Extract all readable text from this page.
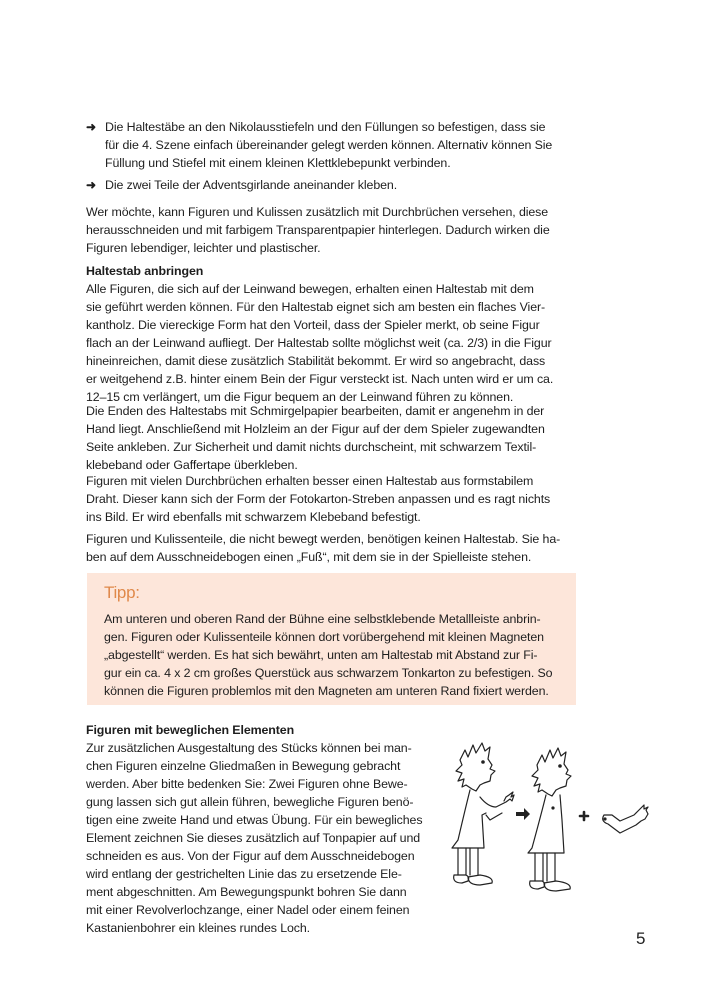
➜ Die Haltestäbe an den Nikolausstiefeln und den Füllungen so befestigen, dass sie
für die 4. Szene einfach übereinander gelegt werden können. Alternativ können Sie
Füllung und Stiefel mit einem kleinen Klettklebepunkt verbinden.
➜ Die zwei Teile der Adventsgirlande aneinander kleben.
Wer möchte, kann Figuren und Kulissen zusätzlich mit Durchbrüchen versehen, diese
herausschneiden und mit farbigem Transparentpapier hinterlegen. Dadurch wirken die
Figuren lebendiger, leichter und plastischer.
Haltestab anbringen
Alle Figuren, die sich auf der Leinwand bewegen, erhalten einen Haltestab mit dem
sie geführt werden können. Für den Haltestab eignet sich am besten ein flaches Vier-
kantholz. Die viereckige Form hat den Vorteil, dass der Spieler merkt, ob seine Figur
flach an der Leinwand aufliegt. Der Haltestab sollte möglichst weit (ca. 2/3) in die Figur
hineinreichen, damit diese zusätzlich Stabilität bekommt. Er wird so angebracht, dass
er weitgehend z.B. hinter einem Bein der Figur versteckt ist. Nach unten wird er um ca.
12–15 cm verlängert, um die Figur bequem an der Leinwand führen zu können.
Die Enden des Haltestabs mit Schmirgelpapier bearbeiten, damit er angenehm in der
Hand liegt. Anschließend mit Holzleim an der Figur auf der dem Spieler zugewandten
Seite ankleben. Zur Sicherheit und damit nichts durchscheint, mit schwarzem Textil-
klebeband oder Gaffertape überkleben.
Figuren mit vielen Durchbrüchen erhalten besser einen Haltestab aus formstabilem
Draht. Dieser kann sich der Form der Fotokarton-Streben anpassen und es ragt nichts
ins Bild. Er wird ebenfalls mit schwarzem Klebeband befestigt.
Figuren und Kulissenteile, die nicht bewegt werden, benötigen keinen Haltestab. Sie ha-
ben auf dem Ausschneidebogen einen „Fuß“, mit dem sie in der Spielleiste stehen.
Tipp:
Am unteren und oberen Rand der Bühne eine selbstklebende Metallleiste anbrin-
gen. Figuren oder Kulissenteile können dort vorübergehend mit kleinen Magneten
„abgestellt“ werden. Es hat sich bewährt, unten am Haltestab mit Abstand zur Fi-
gur ein ca. 4 x 2 cm großes Querstück aus schwarzem Tonkarton zu befestigen. So
können die Figuren problemlos mit den Magneten am unteren Rand fixiert werden.
Figuren mit beweglichen Elementen
Zur zusätzlichen Ausgestaltung des Stücks können bei man-
chen Figuren einzelne Gliedmaßen in Bewegung gebracht
werden. Aber bitte bedenken Sie: Zwei Figuren ohne Bewe-
gung lassen sich gut allein führen, bewegliche Figuren benö-
tigen eine zweite Hand und etwas Übung. Für ein bewegliches
Element zeichnen Sie dieses zusätzlich auf Tonpapier auf und
schneiden es aus. Von der Figur auf dem Ausschneidebogen
wird entlang der gestrichelten Linie das zu ersetzende Ele-
ment abgeschnitten. Am Bewegungspunkt bohren Sie dann
mit einer Revolverlochzange, einer Nadel oder einem feinen
Kastanienbohrer ein kleines rundes Loch.
5
